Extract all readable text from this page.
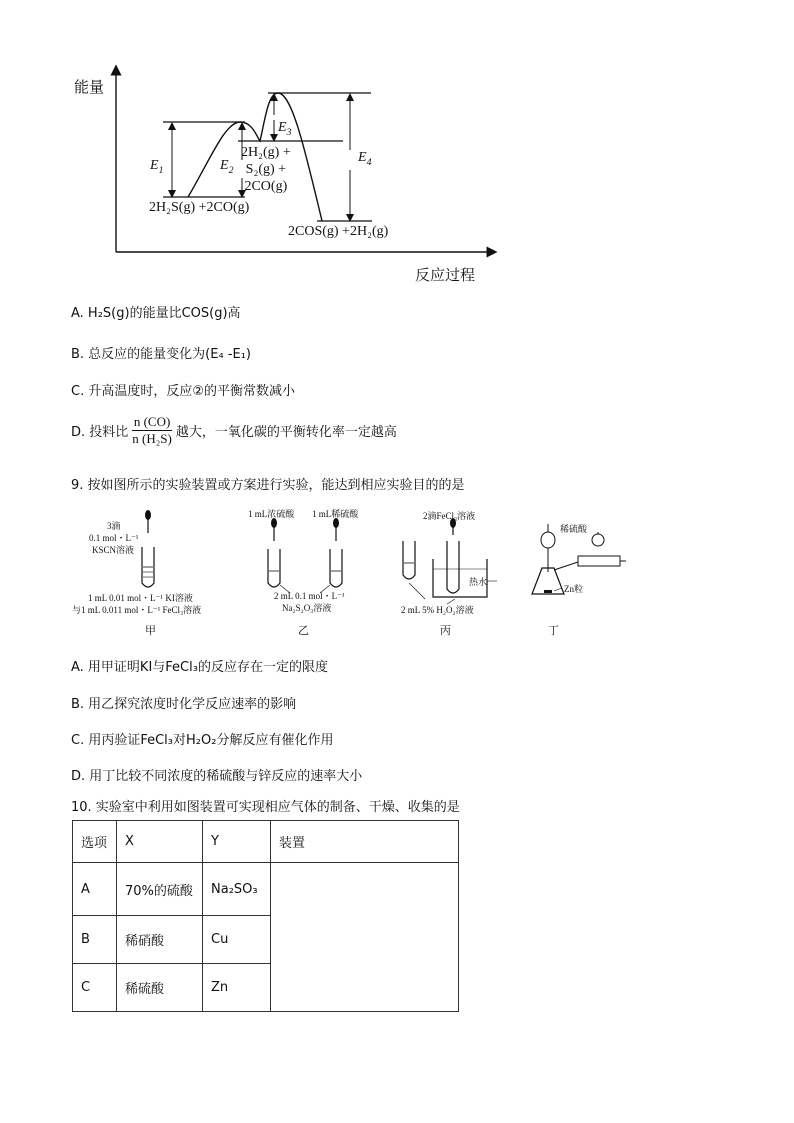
能量
反应过程
$E_1$	$E_2$
$E_3$
$E_4$
2H₂S(g) +2CO(g)
2H₂(g) +
S₂(g) +
2CO(g)
2COS(g) +2H₂(g)
A. H₂S(g)的能量比COS(g)高
B. 总反应的能量变化为(E₄ -E₁)
C. 升高温度时，反应②的平衡常数减小
D. 投料比 $\frac{n (CO)}{\text{n (H₂S)}}$ 越大，一氧化碳的平衡转化率一定越高
9. 按如图所示的实验装置或方案进行实验，能达到相应实验目的的是
3滴
0.1 mol・L⁻¹
KSCN溶液
1 mL 0.01 mol・L⁻¹ KI溶液
与1 mL 0.011 mol・L⁻¹ FeCl₃溶液
甲
1 mL浓硫酸 1 mL稀硫酸
2 mL 0.1 mol・L⁻¹
Na₂S₂O₃溶液
乙
2滴FeCl₃溶液
热水
2 mL 5% H₂O₂溶液
丙
稀硫酸
Zn粒
丁
A. 用甲证明KI与FeCl₃的反应存在一定的限度
B. 用乙探究浓度时化学反应速率的影响
C. 用丙验证FeCl₃对H₂O₂分解反应有催化作用
D. 用丁比较不同浓度的稀硫酸与锌反应的速率大小
10. 实验室中利用如图装置可实现相应气体的制备、干燥、收集的是
选项	X	Y	装置
A	70%的硫酸	Na₂SO₃	
B	稀硝酸	Cu	
C	稀硫酸	Zn	
